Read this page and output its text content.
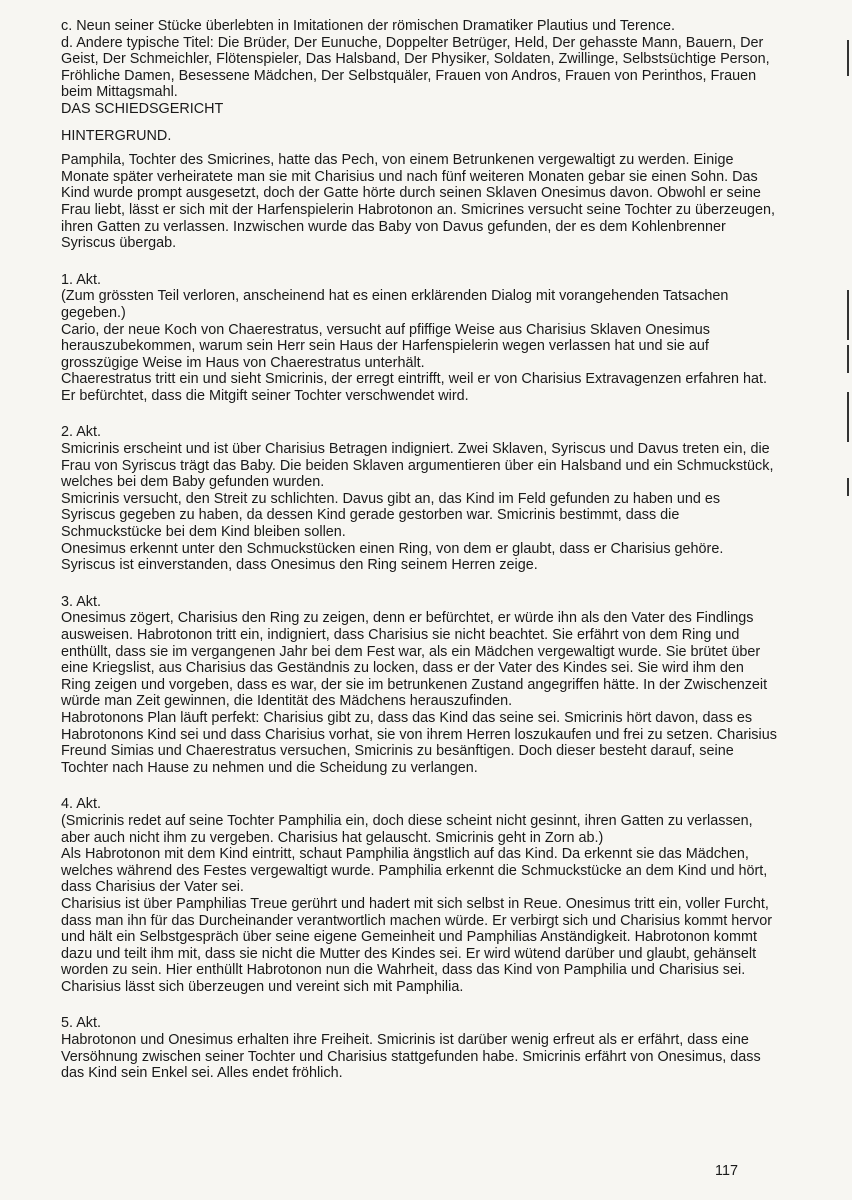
c. Neun seiner Stücke überlebten in Imitationen der römischen Dramatiker Plautius und Terence.

d. Andere typische Titel: Die Brüder, Der Eunuche, Doppelter Betrüger, Held, Der gehasste Mann, Bauern, Der Geist, Der Schmeichler, Flötenspieler, Das Halsband, Der Physiker, Soldaten, Zwillinge, Selbstsüchtige Person, Fröhliche Damen, Besessene Mädchen, Der Selbstquäler, Frauen von Andros, Frauen von Perinthos, Frauen beim Mittagsmahl.

DAS SCHIEDSGERICHT

HINTERGRUND.

Pamphila, Tochter des Smicrines, hatte das Pech, von einem Betrunkenen vergewaltigt zu werden. Einige Monate später verheiratete man sie mit Charisius und nach fünf weiteren Monaten gebar sie einen Sohn. Das Kind wurde prompt ausgesetzt, doch der Gatte hörte durch seinen Sklaven Onesimus davon. Obwohl er seine Frau liebt, lässt er sich mit der Harfenspielerin Habrotonon an. Smicrines versucht seine Tochter zu überzeugen, ihren Gatten zu verlassen. Inzwischen wurde das Baby von Davus gefunden, der es dem Kohlenbrenner Syriscus übergab.

1. Akt.

(Zum grössten Teil verloren, anscheinend hat es einen erklärenden Dialog mit vorangehenden Tatsachen gegeben.)

Cario, der neue Koch von Chaerestratus, versucht auf pfiffige Weise aus Charisius Sklaven Onesimus herauszubekommen, warum sein Herr sein Haus der Harfenspielerin wegen verlassen hat und sie auf grosszügige Weise im Haus von Chaerestratus unterhält.

Chaerestratus tritt ein und sieht Smicrinis, der erregt eintrifft, weil er von Charisius Extravagenzen erfahren hat. Er befürchtet, dass die Mitgift seiner Tochter verschwendet wird.

2. Akt.

Smicrinis erscheint und ist über Charisius Betragen indigniert. Zwei Sklaven, Syriscus und Davus treten ein, die Frau von Syriscus trägt das Baby. Die beiden Sklaven argumentieren über ein Halsband und ein Schmuckstück, welches bei dem Baby gefunden wurden.

Smicrinis versucht, den Streit zu schlichten. Davus gibt an, das Kind im Feld gefunden zu haben und es Syriscus gegeben zu haben, da dessen Kind gerade gestorben war. Smicrinis bestimmt, dass die Schmuckstücke bei dem Kind bleiben sollen.

Onesimus erkennt unter den Schmuckstücken einen Ring, von dem er glaubt, dass er Charisius gehöre. Syriscus ist einverstanden, dass Onesimus den Ring seinem Herren zeige.

3. Akt.

Onesimus zögert, Charisius den Ring zu zeigen, denn er befürchtet, er würde ihn als den Vater des Findlings ausweisen. Habrotonon tritt ein, indigniert, dass Charisius sie nicht beachtet. Sie erfährt von dem Ring und enthüllt, dass sie im vergangenen Jahr bei dem Fest war, als ein Mädchen vergewaltigt wurde. Sie brütet über eine Kriegslist, aus Charisius das Geständnis zu locken, dass er der Vater des Kindes sei. Sie wird ihm den Ring zeigen und vorgeben, dass es war, der sie im betrunkenen Zustand angegriffen hätte. In der Zwischenzeit würde man Zeit gewinnen, die Identität des Mädchens herauszufinden.

Habrotonons Plan läuft perfekt: Charisius gibt zu, dass das Kind das seine sei. Smicrinis hört davon, dass es Habrotonons Kind sei und dass Charisius vorhat, sie von ihrem Herren loszukaufen und frei zu setzen. Charisius Freund Simias und Chaerestratus versuchen, Smicrinis zu besänftigen. Doch dieser besteht darauf, seine Tochter nach Hause zu nehmen und die Scheidung zu verlangen.

4. Akt.

(Smicrinis redet auf seine Tochter Pamphilia ein, doch diese scheint nicht gesinnt, ihren Gatten zu verlassen, aber auch nicht ihm zu vergeben. Charisius hat gelauscht. Smicrinis geht in Zorn ab.)

Als Habrotonon mit dem Kind eintritt, schaut Pamphilia ängstlich auf das Kind. Da erkennt sie das Mädchen, welches während des Festes vergewaltigt wurde. Pamphilia erkennt die Schmuckstücke an dem Kind und hört, dass Charisius der Vater sei.

Charisius ist über Pamphilias Treue gerührt und hadert mit sich selbst in Reue. Onesimus tritt ein, voller Furcht, dass man ihn für das Durcheinander verantwortlich machen würde. Er verbirgt sich und Charisius kommt hervor und hält ein Selbstgespräch über seine eigene Gemeinheit und Pamphilias Anständigkeit. Habrotonon kommt dazu und teilt ihm mit, dass sie nicht die Mutter des Kindes sei. Er wird wütend darüber und glaubt, gehänselt worden zu sein. Hier enthüllt Habrotonon nun die Wahrheit, dass das Kind von Pamphilia und Charisius sei. Charisius lässt sich überzeugen und vereint sich mit Pamphilia.

5. Akt.

Habrotonon und Onesimus erhalten ihre Freiheit. Smicrinis ist darüber wenig erfreut als er erfährt, dass eine Versöhnung zwischen seiner Tochter und Charisius stattgefunden habe. Smicrinis erfährt von Onesimus, dass das Kind sein Enkel sei. Alles endet fröhlich.

117
